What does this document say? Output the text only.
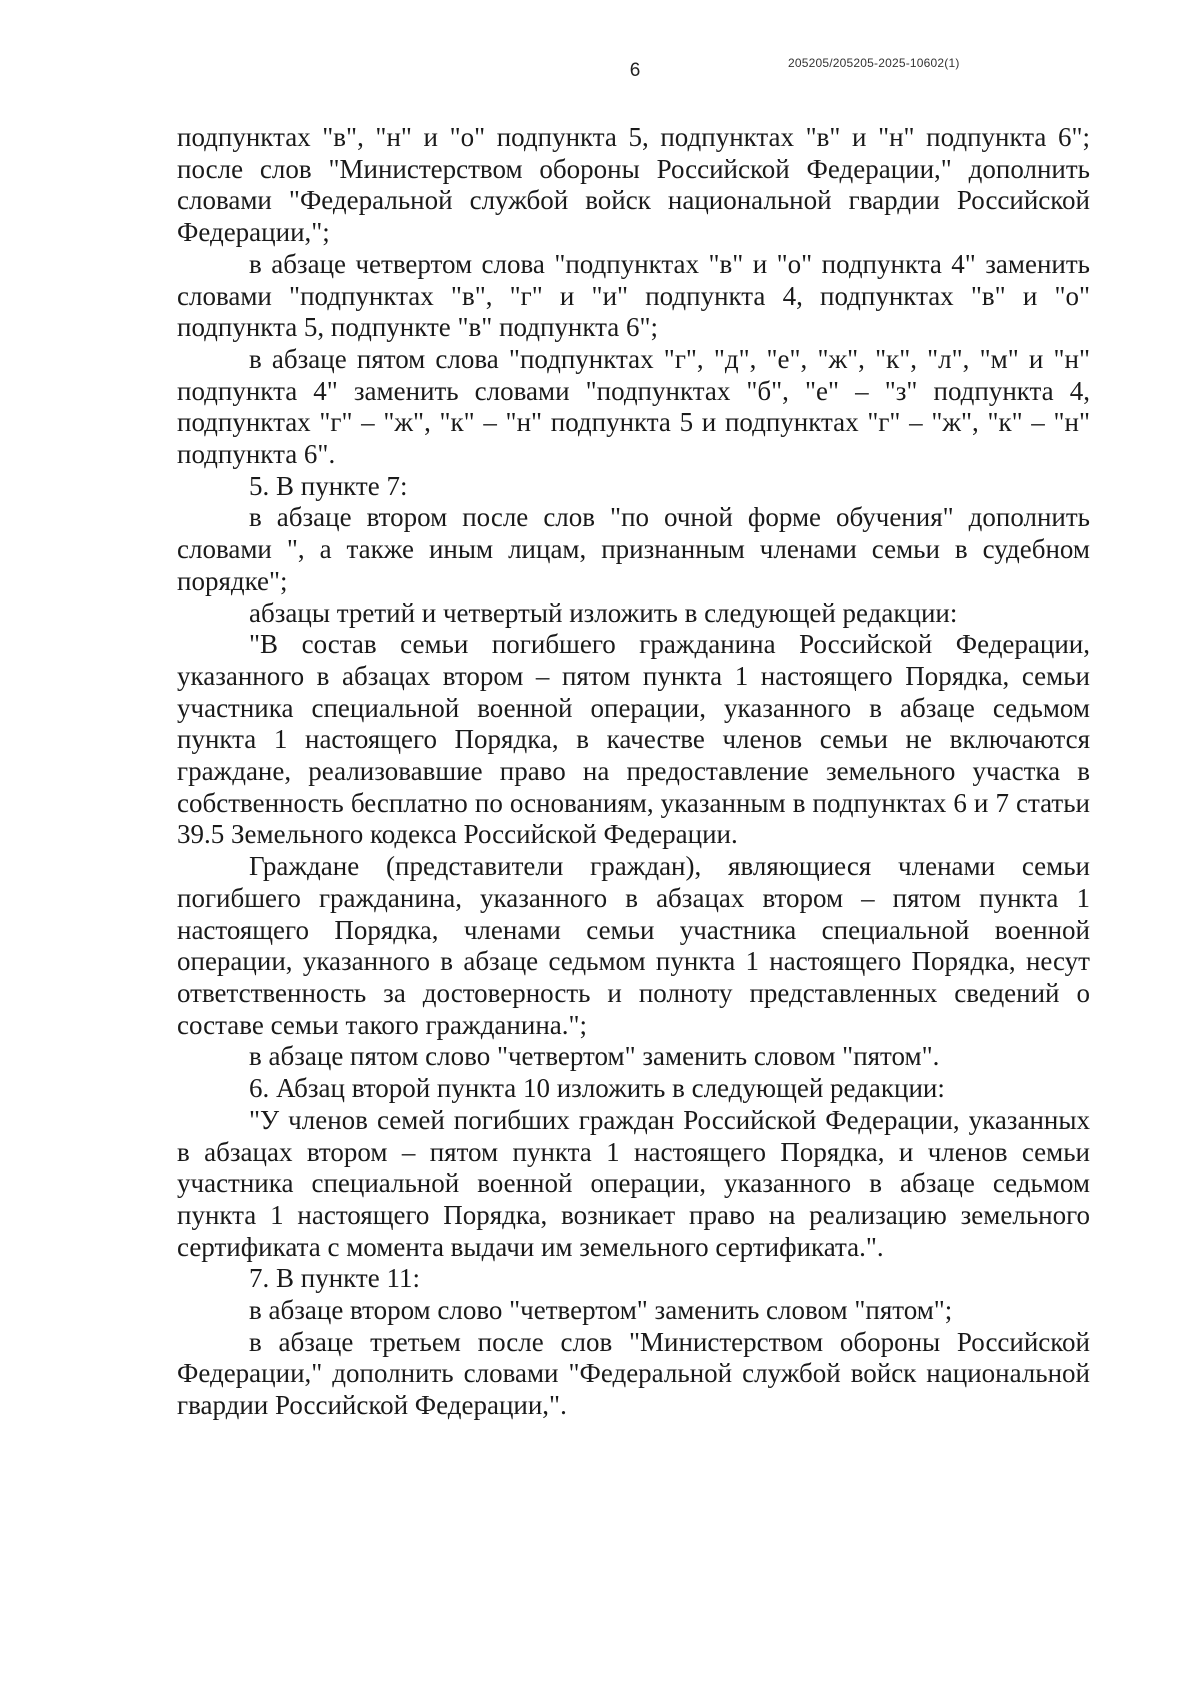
6	205205/205205-2025-10602(1)

подпунктах "в", "н" и "о" подпункта 5, подпунктах "в" и "н" подпункта 6"; после слов "Министерством обороны Российской Федерации," дополнить словами "Федеральной службой войск национальной гвардии Российской Федерации,";

в абзаце четвертом слова "подпунктах "в" и "о" подпункта 4" заменить словами "подпунктах "в", "г" и "и" подпункта 4, подпунктах "в" и "о" подпункта 5, подпункте "в" подпункта 6";

в абзаце пятом слова "подпунктах "г", "д", "е", "ж", "к", "л", "м" и "н" подпункта 4" заменить словами "подпунктах "б", "е" – "з" подпункта 4, подпунктах "г" – "ж", "к" – "н" подпункта 5 и подпунктах "г" – "ж", "к" – "н" подпункта 6".

5. В пункте 7:

в абзаце втором после слов "по очной форме обучения" дополнить словами ", а также иным лицам, признанным членами семьи в судебном порядке";

абзацы третий и четвертый изложить в следующей редакции:

"В состав семьи погибшего гражданина Российской Федерации, указанного в абзацах втором – пятом пункта 1 настоящего Порядка, семьи участника специальной военной операции, указанного в абзаце седьмом пункта 1 настоящего Порядка, в качестве членов семьи не включаются граждане, реализовавшие право на предоставление земельного участка в собственность бесплатно по основаниям, указанным в подпунктах 6 и 7 статьи 39.5 Земельного кодекса Российской Федерации.

Граждане (представители граждан), являющиеся членами семьи погибшего гражданина, указанного в абзацах втором – пятом пункта 1 настоящего Порядка, членами семьи участника специальной военной операции, указанного в абзаце седьмом пункта 1 настоящего Порядка, несут ответственность за достоверность и полноту представленных сведений о составе семьи такого гражданина.";

в абзаце пятом слово "четвертом" заменить словом "пятом".

6. Абзац второй пункта 10 изложить в следующей редакции:

"У членов семей погибших граждан Российской Федерации, указанных в абзацах втором – пятом пункта 1 настоящего Порядка, и членов семьи участника специальной военной операции, указанного в абзаце седьмом пункта 1 настоящего Порядка, возникает право на реализацию земельного сертификата с момента выдачи им земельного сертификата.".

7. В пункте 11:

в абзаце втором слово "четвертом" заменить словом "пятом";

в абзаце третьем после слов "Министерством обороны Российской Федерации," дополнить словами "Федеральной службой войск национальной гвардии Российской Федерации,".
